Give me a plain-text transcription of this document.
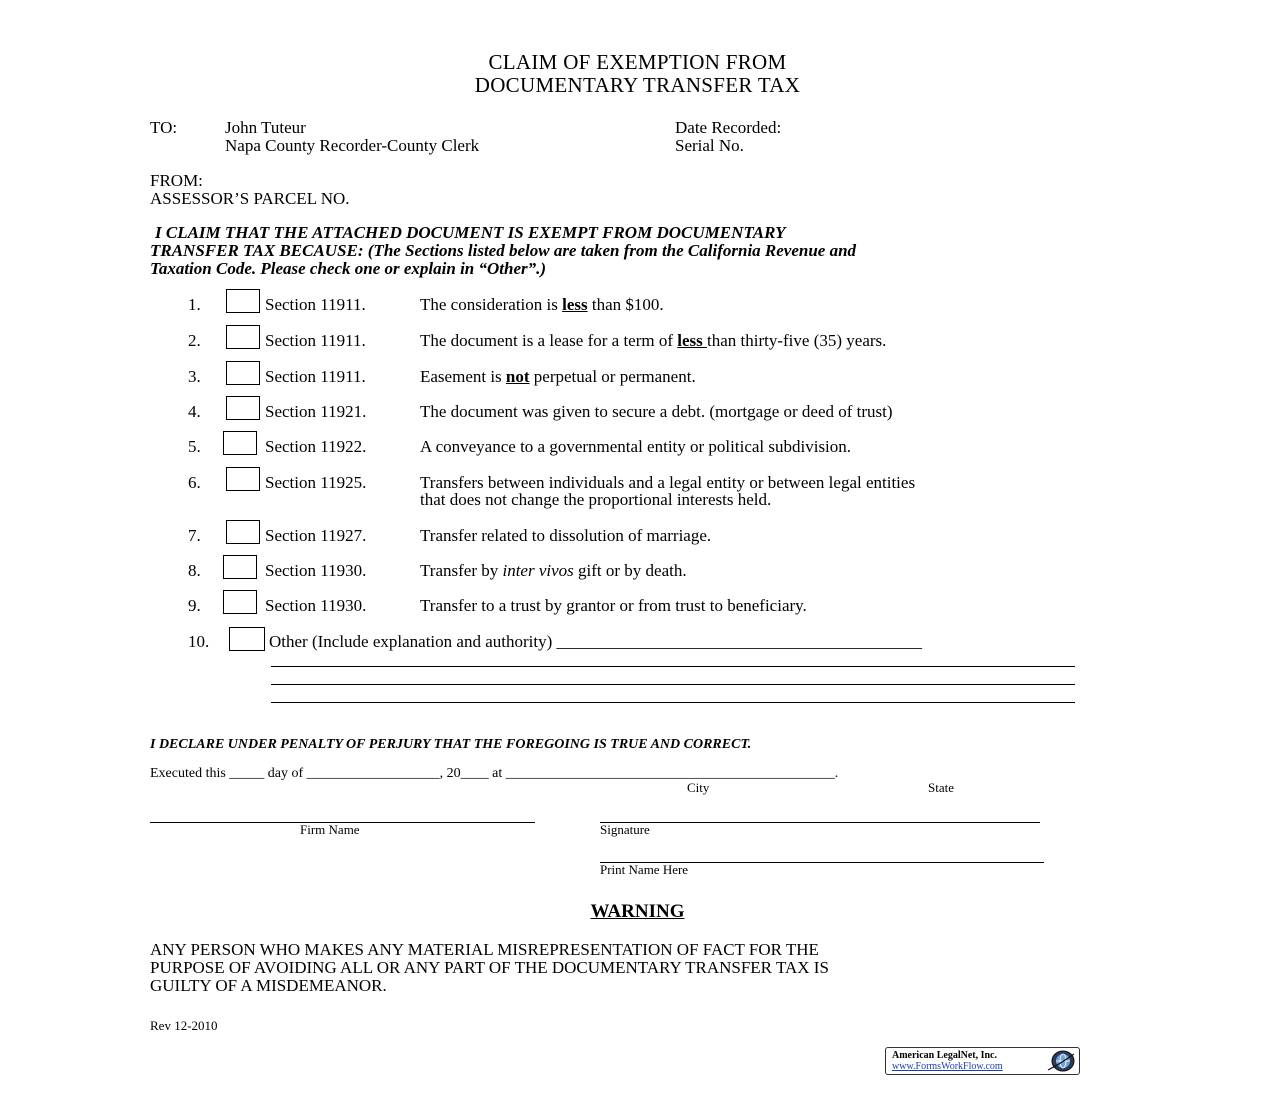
CLAIM OF EXEMPTION FROM
DOCUMENTARY TRANSFER TAX
TO:	John Tuteur
Napa County Recorder-County Clerk
Date Recorded:
Serial No.
FROM:
ASSESSOR’S PARCEL NO.
I CLAIM THAT THE ATTACHED DOCUMENT IS EXEMPT FROM DOCUMENTARY
TRANSFER TAX BECAUSE: (The Sections listed below are taken from the California Revenue and
Taxation Code. Please check one or explain in “Other”.)
1.	Section 11911.	The consideration is less than $100.
2.	Section 11911.	The document is a lease for a term of less than thirty-five (35) years.
3.	Section 11911.	Easement is not perpetual or permanent.
4.	Section 11921.	The document was given to secure a debt. (mortgage or deed of trust)
5.	Section 11922.	A conveyance to a governmental entity or political subdivision.
6.	Section 11925.	Transfers between individuals and a legal entity or between legal entities
that does not change the proportional interests held.
7.	Section 11927.	Transfer related to dissolution of marriage.
8.	Section 11930.	Transfer by inter vivos gift or by death.
9.	Section 11930.	Transfer to a trust by grantor or from trust to beneficiary.
10.	Other (Include explanation and authority) ___________________________________________
I DECLARE UNDER PENALTY OF PERJURY THAT THE FOREGOING IS TRUE AND CORRECT.
Executed this _____ day of ___________________, 20____ at _______________________________________________.
City	State
Firm Name	Signature
Print Name Here
WARNING
ANY PERSON WHO MAKES ANY MATERIAL MISREPRESENTATION OF FACT FOR THE
PURPOSE OF AVOIDING ALL OR ANY PART OF THE DOCUMENTARY TRANSFER TAX IS
GUILTY OF A MISDEMEANOR.
Rev 12-2010
American LegalNet, Inc.
www.FormsWorkFlow.com
